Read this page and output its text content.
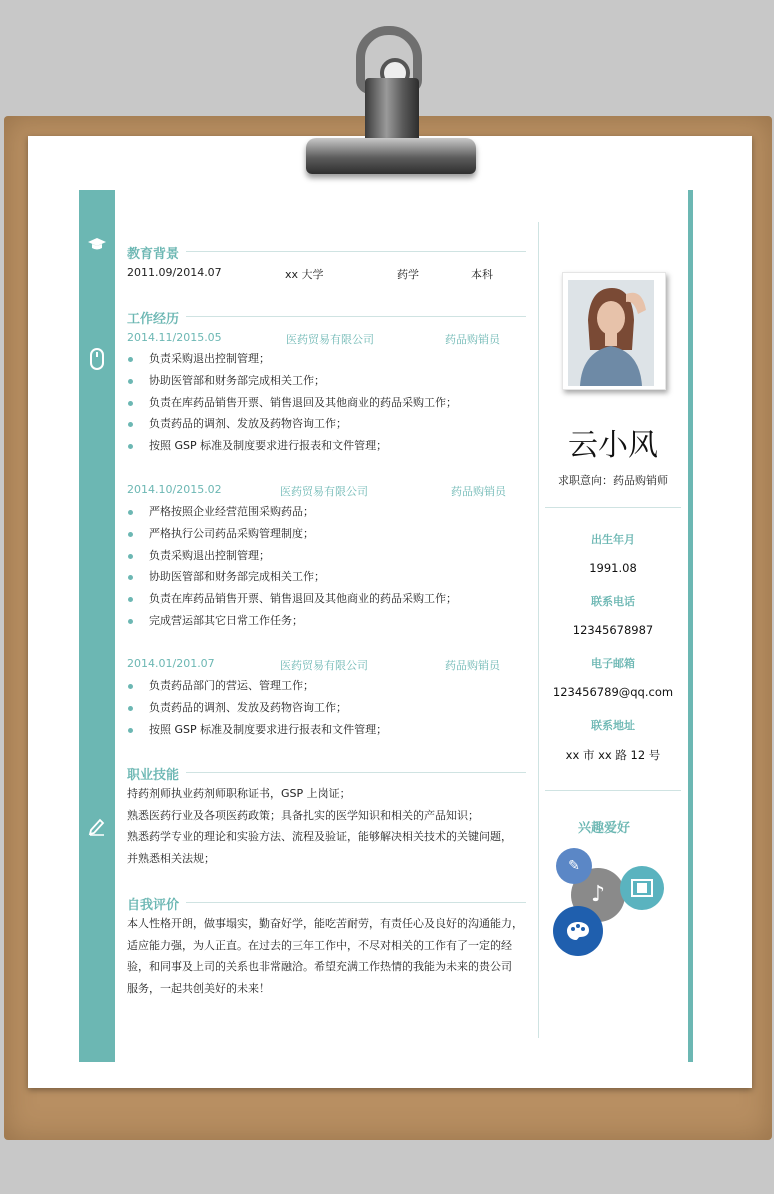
教育背景
2011.09/2014.07	xx 大学	药学	本科
工作经历
2014.11/2015.05	医药贸易有限公司	药品购销员
负责采购退出控制管理；
协助医管部和财务部完成相关工作；
负责在库药品销售开票、销售退回及其他商业的药品采购工作；
负责药品的调剂、发放及药物咨询工作；
按照 GSP 标准及制度要求进行报表和文件管理；
2014.10/2015.02	医药贸易有限公司	药品购销员
严格按照企业经营范围采购药品；
严格执行公司药品采购管理制度；
负责采购退出控制管理；
协助医管部和财务部完成相关工作；
负责在库药品销售开票、销售退回及其他商业的药品采购工作；
完成营运部其它日常工作任务；
2014.01/201.07	医药贸易有限公司	药品购销员
负责药品部门的营运、管理工作；
负责药品的调剂、发放及药物咨询工作；
按照 GSP 标准及制度要求进行报表和文件管理；
职业技能
持药剂师执业药剂师职称证书，GSP 上岗证；
熟悉医药行业及各项医药政策；具备扎实的医学知识和相关的产品知识；
熟悉药学专业的理论和实验方法、流程及验证，能够解决相关技术的关键问题，
并熟悉相关法规；
自我评价
本人性格开朗，做事塌实，勤奋好学，能吃苦耐劳，有责任心及良好的沟通能力，
适应能力强，为人正直。在过去的三年工作中，不尽对相关的工作有了一定的经
验，和同事及上司的关系也非常融洽。希望充满工作热情的我能为未来的贵公司
服务，一起共创美好的未来！
云小风
求职意向：药品购销师
出生年月
1991.08
联系电话
12345678987
电子邮箱
123456789@qq.com
联系地址
xx 市 xx 路 12 号
兴趣爱好
♪
✎
